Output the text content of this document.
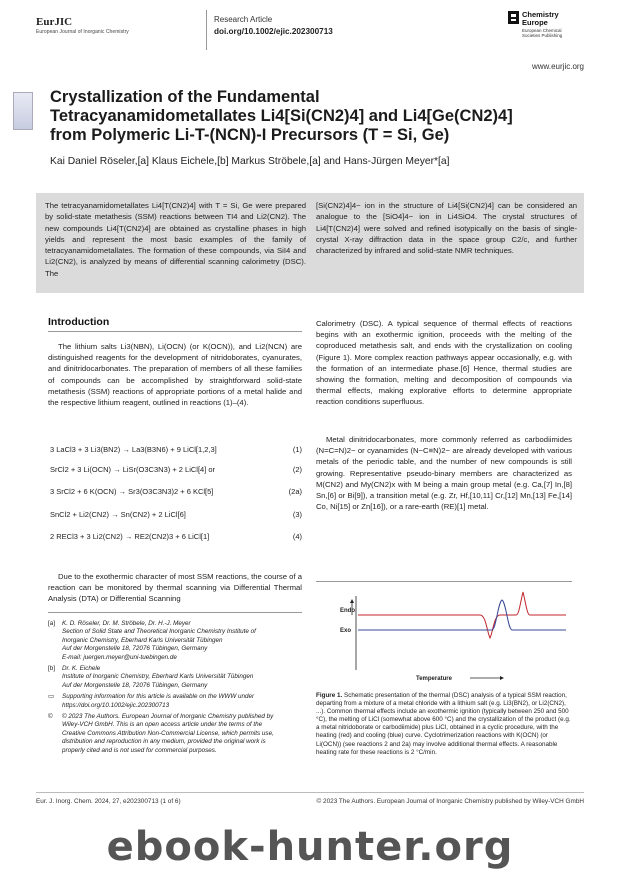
EurJIC
European Journal of Inorganic Chemistry
Research Article
doi.org/10.1002/ejic.202300713
Chemistry
Europe
European Chemical
Societies Publishing
www.eurjic.org
Crystallization of the Fundamental
Tetracyanamidometallates Li4[Si(CN2)4] and Li4[Ge(CN2)4]
from Polymeric Li-T-(NCN)-I Precursors (T = Si, Ge)
Kai Daniel Röseler,[a] Klaus Eichele,[b] Markus Ströbele,[a] and Hans-Jürgen Meyer*[a]
The tetracyanamidometallates Li4[T(CN2)4] with T = Si, Ge were prepared by solid-state metathesis (SSM) reactions between TI4 and Li2(CN2). The new compounds Li4[T(CN2)4] are obtained as crystalline phases in high yields and represent the most basic examples of the family of tetracyanamidometallates. The formation of these compounds, via SiI4 and Li2(CN2), is analyzed by means of differential scanning calorimetry (DSC). The
[Si(CN2)4]4− ion in the structure of Li4[Si(CN2)4] can be considered an analogue to the [SiO4]4− ion in Li4SiO4. The crystal structures of Li4[T(CN2)4] were solved and refined isotypically on the basis of single-crystal X-ray diffraction data in the space group C2/c, and further characterized by infrared and solid-state NMR techniques.
Introduction
The lithium salts Li3(NBN), Li(OCN) (or K(OCN)), and Li2(NCN) are distinguished reagents for the development of nitridoborates, cyanurates, and dinitridocarbonates. The preparation of members of all these families of compounds can be accomplished by straightforward solid-state metathesis (SSM) reactions of appropriate portions of a metal halide and the respective lithium reagent, outlined in reactions (1)–(4).
3 LaCl3 + 3 Li3(BN2) → La3(B3N6) + 9 LiCl[1,2,3]	(1)
SrCl2 + 3 Li(OCN) → LiSr(O3C3N3) + 2 LiCl[4] or	(2)
3 SrCl2 + 6 K(OCN) → Sr3(O3C3N3)2 + 6 KCl[5]	(2a)
SnCl2 + Li2(CN2) → Sn(CN2) + 2 LiCl[6]	(3)
2 RECl3 + 3 Li2(CN2) → RE2(CN2)3 + 6 LiCl[1]	(4)
Due to the exothermic character of most SSM reactions, the course of a reaction can be monitored by thermal scanning via Differential Thermal Analysis (DTA) or Differential Scanning
Calorimetry (DSC). A typical sequence of thermal effects of reactions begins with an exothermic ignition, proceeds with the melting of the coproduced metathesis salt, and ends with the crystallization on cooling (Figure 1). More complex reaction pathways appear occasionally, e.g. with the formation of an intermediate phase.[6] Hence, thermal studies are showing the formation, melting and decomposition of compounds via thermal effects, making explorative efforts to determine appropriate reaction conditions superfluous.
Metal dinitridocarbonates, more commonly referred as carbodiimides (N=C=N)2− or cyanamides (N−C≡N)2− are already developed with various metals of the periodic table, and the number of new compounds is still growing. Representative pseudo-binary members are characterized as M(CN2) and My(CN2)x with M being a main group metal (e.g. Ca,[7] In,[8] Sn,[6] or Bi[9]), a transition metal (e.g. Zr, Hf,[10,11] Cr,[12] Mn,[13] Fe,[14] Co, Ni[15] or Zn[16]), or a rare-earth (RE)[1] metal.
[a] K. D. Röseler, Dr. M. Ströbele, Dr. H.-J. Meyer
Section of Solid State and Theoretical Inorganic Chemistry Institute of
Inorganic Chemistry, Eberhard Karls Universität Tübingen
Auf der Morgenstelle 18, 72076 Tübingen, Germany
E-mail: juergen.meyer@uni-tuebingen.de
[b] Dr. K. Eichele
Institute of Inorganic Chemistry, Eberhard Karls Universität Tübingen
Auf der Morgenstelle 18, 72076 Tübingen, Germany
▭ Supporting information for this article is available on the WWW under
https://doi.org/10.1002/ejic.202300713
© © 2023 The Authors. European Journal of Inorganic Chemistry published by
Wiley-VCH GmbH. This is an open access article under the terms of the
Creative Commons Attribution Non-Commercial License, which permits use,
distribution and reproduction in any medium, provided the original work is
properly cited and is not used for commercial purposes.
Endo
Exo
Temperature
Figure 1. Schematic presentation of the thermal (DSC) analysis of a typical SSM reaction, departing from a mixture of a metal chloride with a lithium salt (e.g. Li3(BN2), or Li2(CN2), ...). Common thermal effects include an exothermic ignition (typically between 250 and 500 °C), the melting of LiCl (somewhat above 600 °C) and the crystallization of the product (e.g. a metal nitridoborate or carbodiimide) plus LiCl, obtained in a cyclic procedure, with the heating (red) and cooling (blue) curve. Cyclotrimerization reactions with K(OCN) (or Li(OCN)) (see reactions 2 and 2a) may involve additional thermal effects. A reasonable heating rate for these reactions is 2 °C/min.
Eur. J. Inorg. Chem. 2024, 27, e202300713 (1 of 6)	© 2023 The Authors. European Journal of Inorganic Chemistry published by Wiley-VCH GmbH
ebook-hunter.org
